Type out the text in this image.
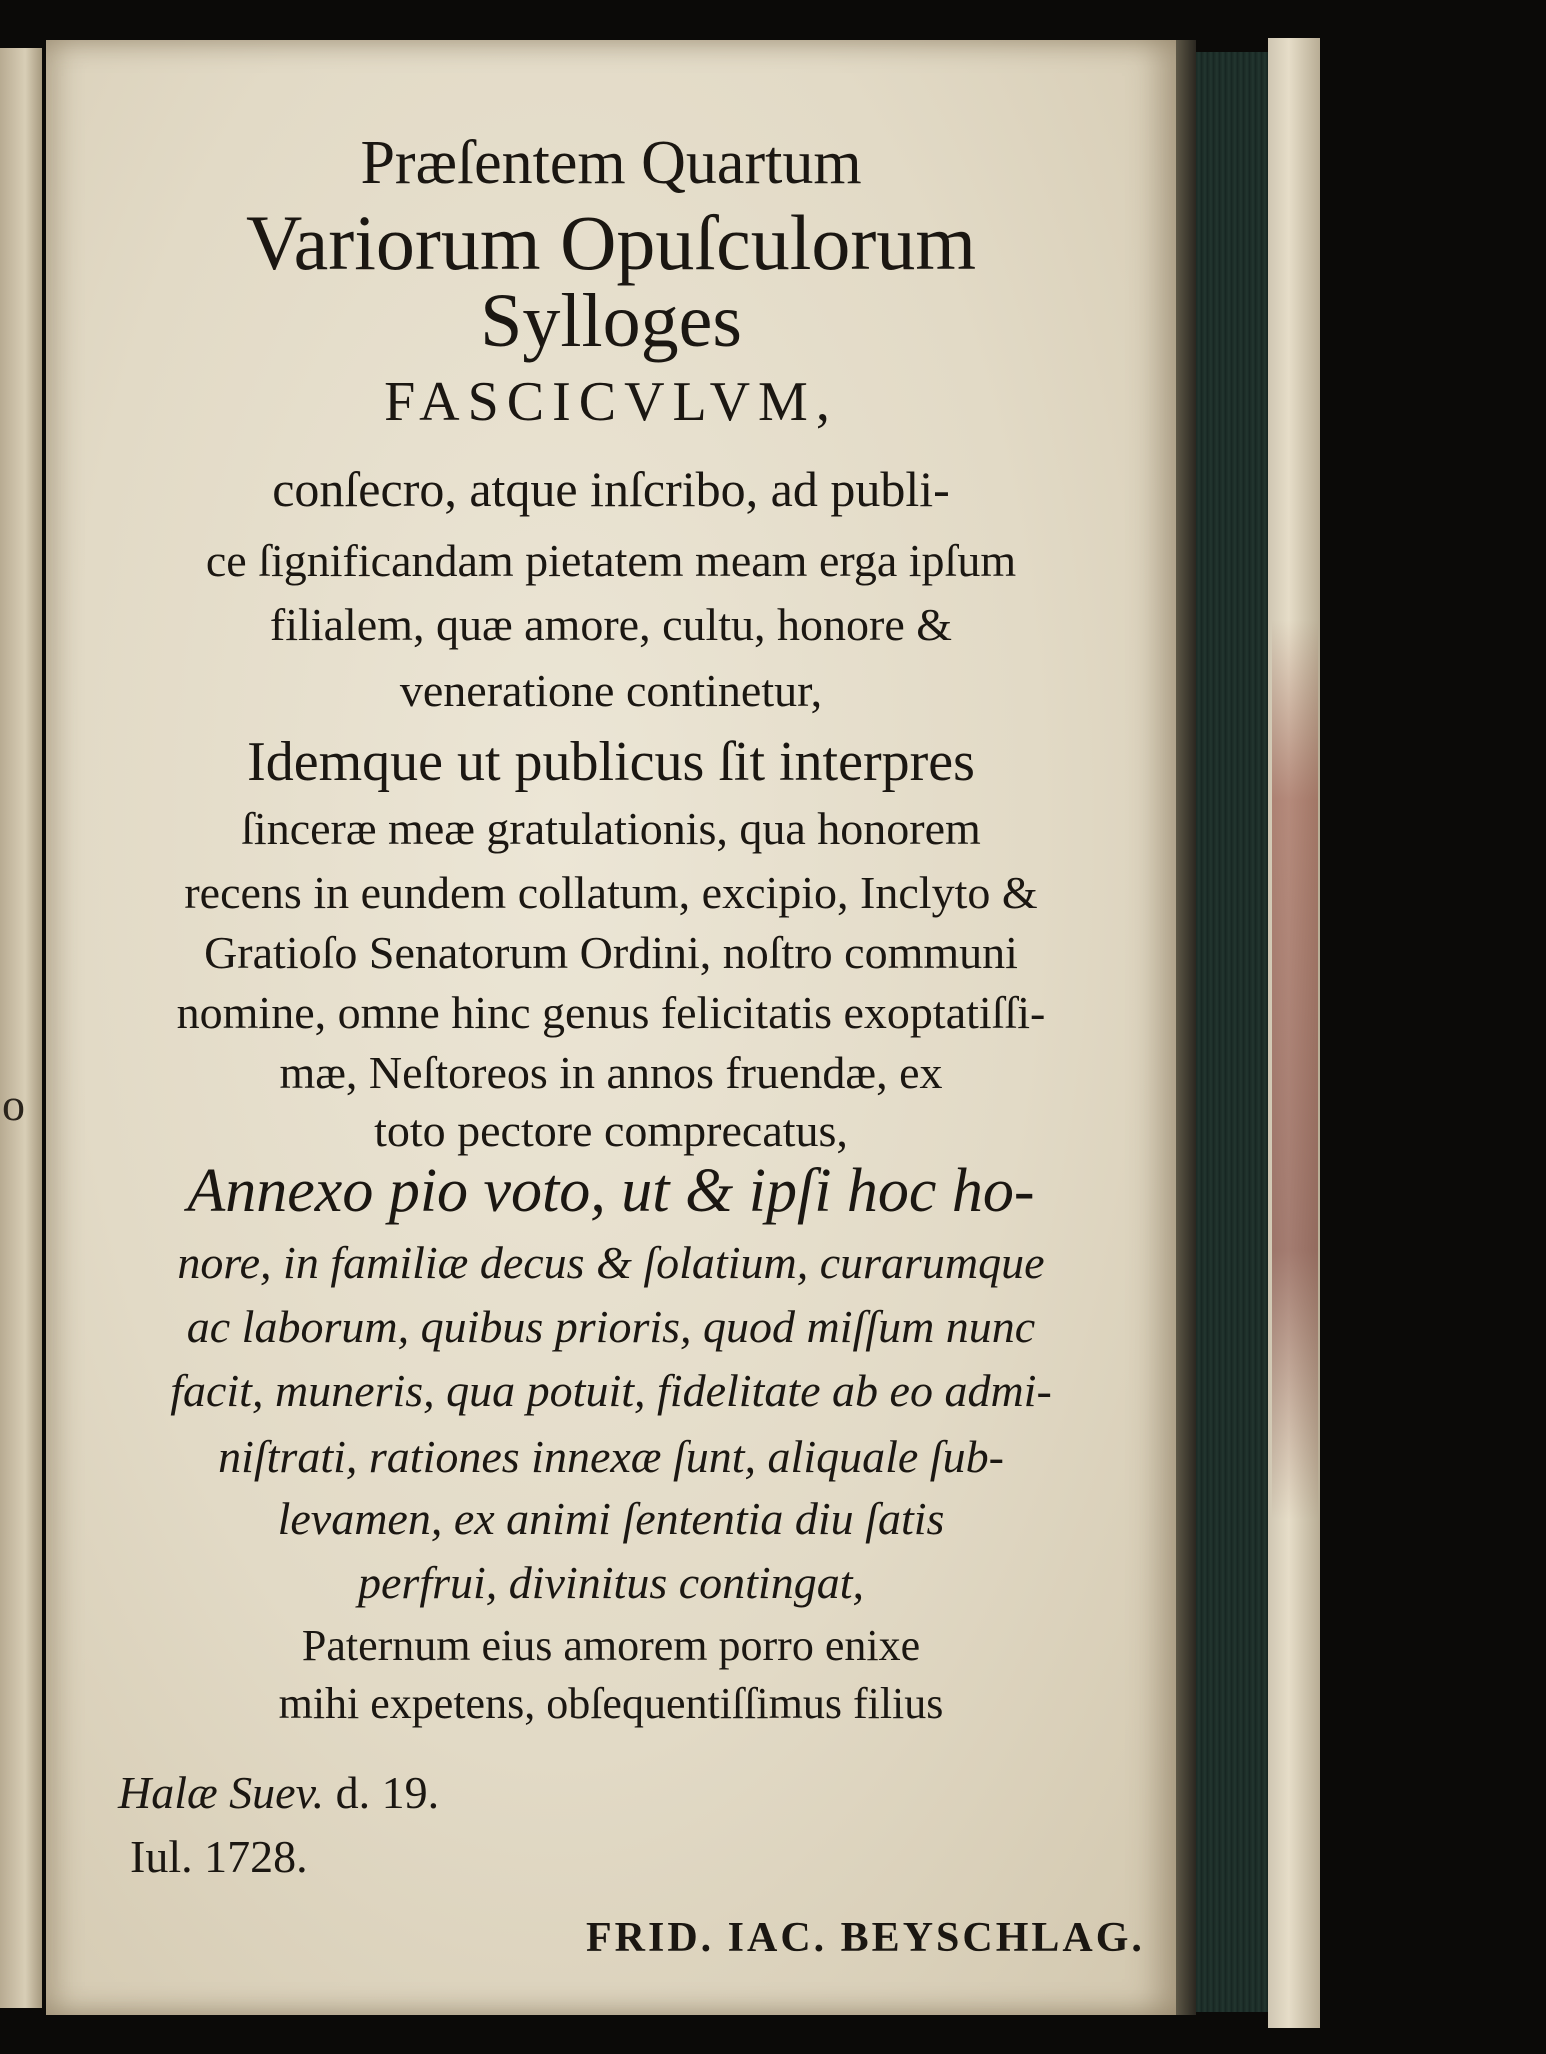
o
Præſentem Quartum
Variorum Opuſculorum
Sylloges
FASCICVLVM,
conſecro, atque inſcribo, ad publi-
ce ſignificandam pietatem meam erga ipſum
filialem, quæ amore, cultu, honore &
veneratione continetur,
Idemque ut publicus ſit interpres
ſinceræ meæ gratulationis, qua honorem
recens in eundem collatum, excipio, Inclyto &
Gratioſo Senatorum Ordini, noſtro communi
nomine, omne hinc genus felicitatis exoptatiſſi-
mæ, Neſtoreos in annos fruendæ, ex
toto pectore comprecatus,
Annexo pio voto, ut & ipſi hoc ho-
nore, in familiæ decus & ſolatium, curarumque
ac laborum, quibus prioris, quod miſſum nunc
facit, muneris, qua potuit, fidelitate ab eo admi-
niſtrati, rationes innexæ ſunt, aliquale ſub-
levamen, ex animi ſententia diu ſatis
perfrui, divinitus contingat,
Paternum eius amorem porro enixe
mihi expetens, obſequentiſſimus filius
Halæ Suev. d. 19.
Iul. 1728.
FRID. IAC. BEYSCHLAG.
